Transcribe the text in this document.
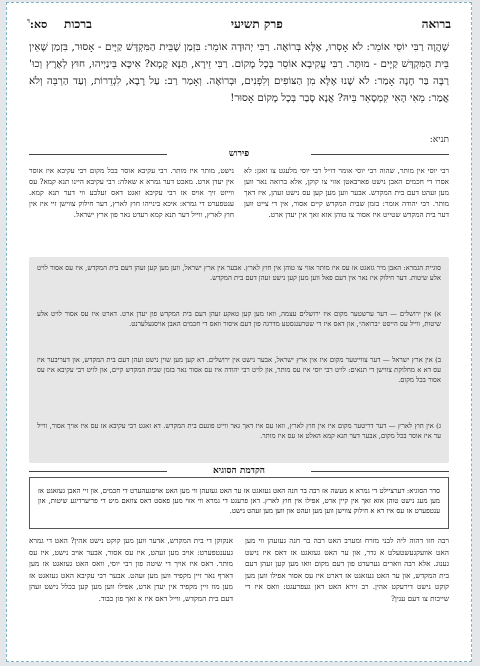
ברואה
פרק תשיעי
ברכות    סא:$^ד$
שֶׁהֲוָה רַבִּי יוֹסֵי אוֹמֵר: לֹא אָסְרוּ, אֶלָּא בְּרוֹאֶה. רַבִּי יְהוּדָה אוֹמֵר: בִּזְמַן שֶׁבֵּית הַמִּקְדָּשׁ קַיָּים - אָסוּר, בִּזְמַן שֶׁאֵין בֵּית הַמִּקְדָּשׁ קַיָּים - מוּתָּר. רַבִּי עֲקִיבָא אוֹסֵר בְּכָל מָקוֹם. רַבִּי זֵירָא, תַּנָּא קָמָא? אִיכָּא בֵּינַיְיהוּ, חוּץ לְאֶרֶץ וְכוּ' רַבָּה בַּר חָנָה אָמַר: לֹא שָׁנוּ אֶלָּא מִן הַצּוֹפִים וְלִפְנִים, וּבְרוֹאֶה. וְאָמַר רַב: עַל רָבָא, לִגְדֵרוֹת, וְעַד הַרְבֵּה וְלֹא אֲמַר: מֵאִי הָאִי קִמְסָאֵר בֵּיהּ? אֲנָא סָבַר בְּכָל מָקוֹם אָסוּר!
תניא:
פירוש
רבי יוסי אין מותר, שהוה רבי יוסי אומר דו״ל רבי יוסי מלעגט צו זאגן: לא אסרו די חכמים האבן נישט פארבאטן אזוי צו קוקן, אלא ברואה נאר ווען מען זעהט דעם בית המקדש. אבער ווען מען קען עס נישט זעהן, איז דאך מותר. רבי יהודה אומר: בזמן שבית המקדש קיים אסור, אין די צייט ווען דער בית המקדש שטייט איז אסור צו טוהן אזא זאך אין יעדן ארט.
נישט, מותר איז מותר. רבי עקיבא אוסר בכל מקום רבי עקיבא איז אוסר אין יעדן ארט. מאכט דער גמרא א שאלה: רבי עקיבא היינו תנא קמא? עס ווייזט זיך אויס אז רבי עקיבא זאגט דאס זעלבע ווי דער תנא קמא. ענטפערט די גמרא: איכא בינייהו חוץ לארץ, דער חילוק צווישן זיי איז אין חוץ לארץ, ווייל דער תנא קמא רעדט נאר פון ארץ ישראל.

סוגיית הגמרא: האבן מיר גזאגט אז עס איז מותר אזוי צו טוהן אין חוץ לארץ. אבער אין ארץ ישראל, ווען מען קען זעהן דעם בית המקדש, איז עס אסור לויט אלע שיטות. דער חילוק איז נאר אין דעם פאל ווען מען קען נישט זעהן דעם בית המקדש.

א) אין ירושלים — דער ערשטער מקום איז ירושלים עצמה, וואו מען קען טאקע זעהן דעם בית המקדש פון יעדן ארט. דארט איז עס אסור לויט אלע שיטות, ווייל עס הייסט ״ברואה״, און דאס איז די שטרענגסטע מדרגה פון דעם איסור וואס די חכמים האבן אויסגעלערנט.

ב) אין ארץ ישראל — דער צווייטער מקום איז אין ארץ ישראל, אבער נישט אין ירושלים. דא קען מען שוין נישט זעהן דעם בית המקדש, און דעריבער איז עס דא א מחלוקת צווישן די תנאים: לויט רבי יוסי איז עס מותר, און לויט רבי יהודה איז עס אסור נאר בזמן שבית המקדש קיים, און לויט רבי עקיבא איז עס אסור בכל מקום.

ג) אין חוץ לארץ — דער דריטער מקום איז אין חוץ לארץ, וואו עס איז דאך גאר ווייט פונעם בית המקדש. דא זאגט רבי עקיבא אז עס איז אויך אסור, ווייל ער איז אוסר בכל מקום, אבער דער תנא קמא האלט אז עס איז מותר.

הקדמת הסוגיא

סדר הסוגיא: דערציילט די גמרא א מעשה אז רבה בר חנה האט געזאגט אז ער האט געזעהן ווי מען האט אויסגעהערט די חכמים, און זיי האבן געזאגט אז מען מעג נישט טוהן אזא זאך אין קיין ארט, אפילו אין חוץ לארץ. דאן פרעגט די גמרא ווי אזוי מען פאסט דאס צוזאם מיט די פריערדיגע שיטות, און ענטפערט אז עס איז דא א חילוק צווישן ווען מען זעהט און ווען מען זעהט נישט.

רבה חזו דהוה ליה לבני מזרח ומערב האט רבה בר חנה געזעהן ווי מען האט אוועקגעשטעלט א גדר, און ער האט געזאגט אז דאס איז נישט גענוג. אלא רבה ווארים גערעדט פון דעם מקום וואו מען קען זעהן דעם בית המקדש, און ער האט געזאגט אז דארט איז עס אסור אפילו ווען מען קוקט נישט דירעקט אהין. רב זירא האט דאן געפרעגט: וואס איז די שייכות צו דעם ענין?
אנקוקן די בית המקדש, אדער ווען מען קוקט נישט אהין? האט די גמרא געענטפערט: אויב מען זעהט, איז עס אסור, אבער אויב נישט, איז עס מותר. דאס איז אויך די שיטה פון רבי יוסי, וואס האט געזאגט אז מען דארף נאר זיין מקפיד ווען מען זעהט. אבער רבי עקיבא האט געזאגט אז מען מוז זיין מקפיד אין יעדן ארט, אפילו ווען מען קען בכלל נישט זעהן דעם בית המקדש, ווייל דאס איז א זאך פון כבוד.
